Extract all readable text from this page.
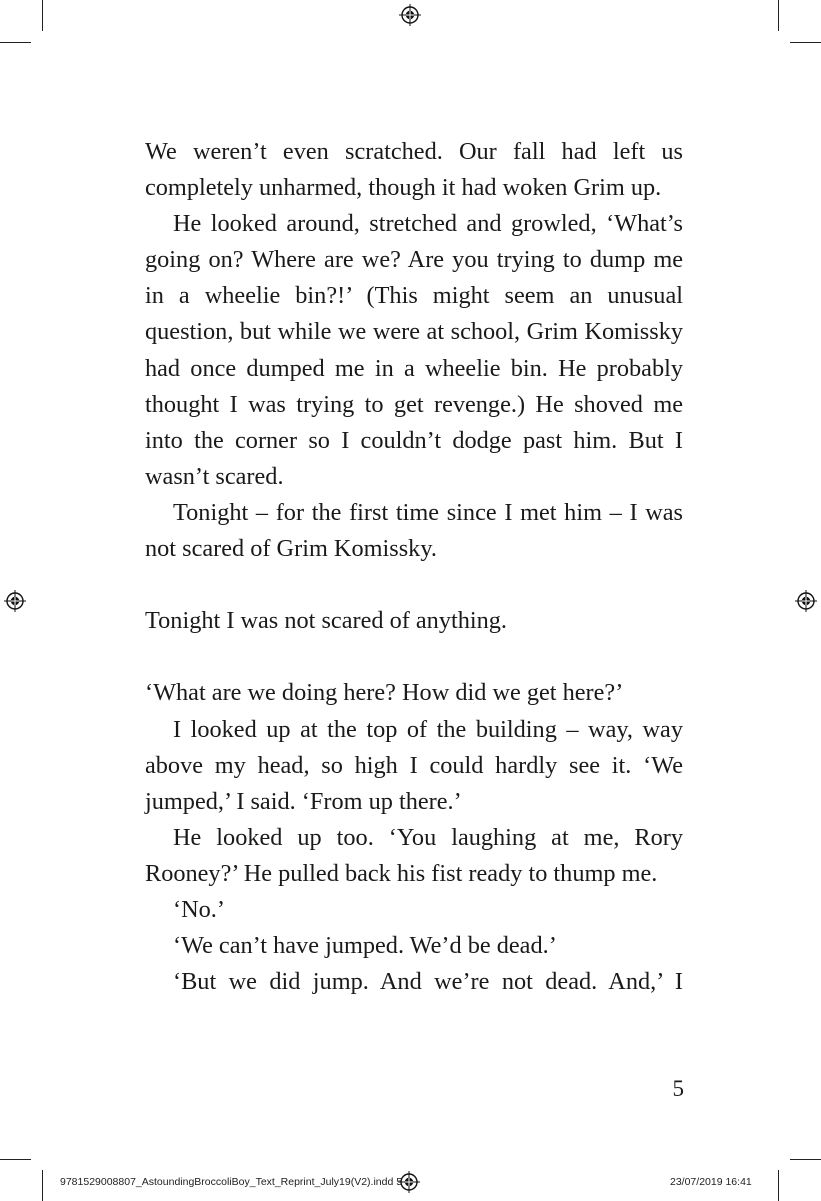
We weren’t even scratched. Our fall had left us completely unharmed, though it had woken Grim up.

He looked around, stretched and growled, ‘What’s going on? Where are we? Are you trying to dump me in a wheelie bin?!’ (This might seem an unusual question, but while we were at school, Grim Komissky had once dumped me in a wheelie bin. He probably thought I was trying to get revenge.) He shoved me into the corner so I couldn’t dodge past him. But I wasn’t scared.

Tonight – for the first time since I met him – I was not scared of Grim Komissky.

Tonight I was not scared of anything.

‘What are we doing here? How did we get here?’

I looked up at the top of the building – way, way above my head, so high I could hardly see it. ‘We jumped,’ I said. ‘From up there.’

He looked up too. ‘You laughing at me, Rory Rooney?’ He pulled back his fist ready to thump me.

‘No.’

‘We can’t have jumped. We’d be dead.’

‘But we did jump. And we’re not dead. And,’ I

5
9781529008807_AstoundingBroccoliBoy_Text_Reprint_July19(V2).indd 5	23/07/2019 16:41
